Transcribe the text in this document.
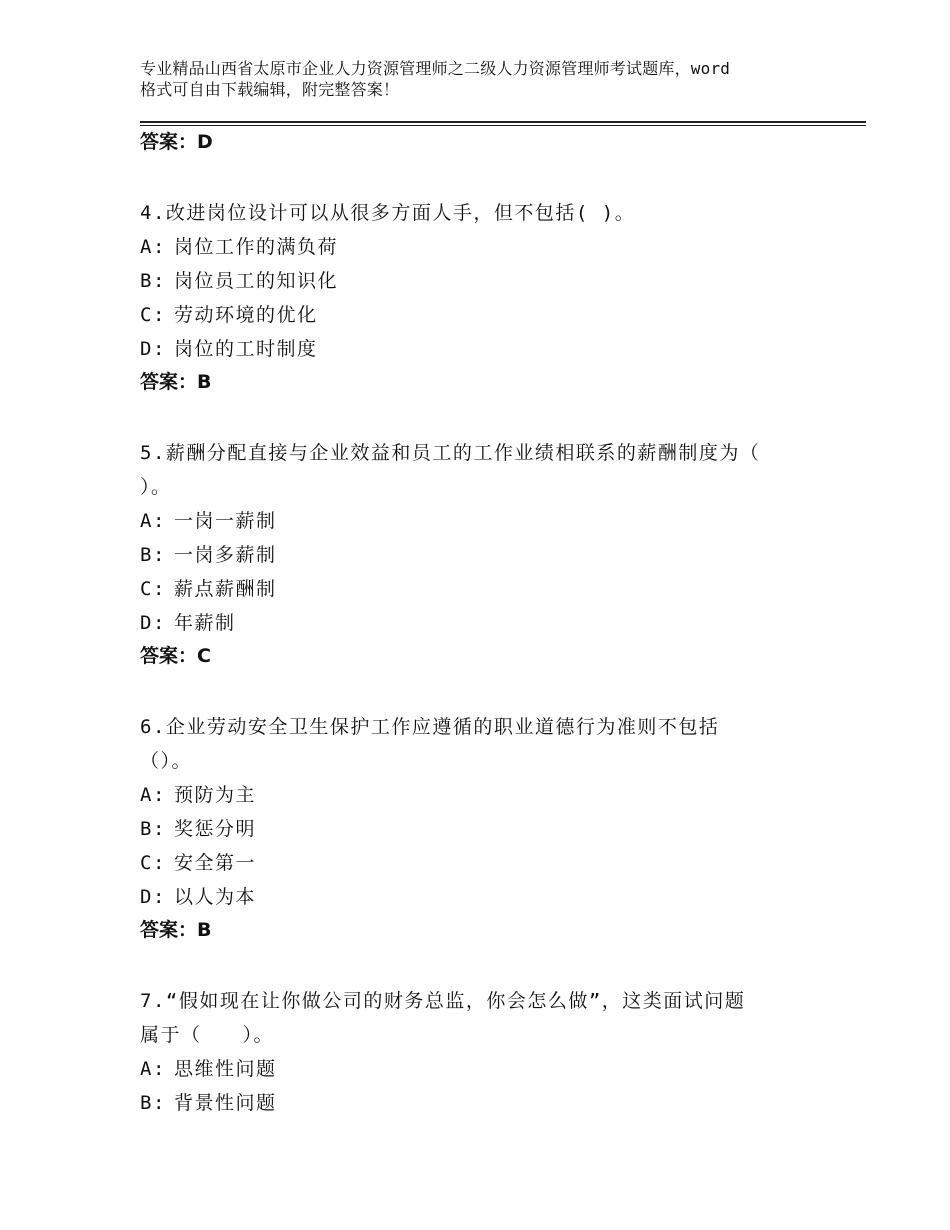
专业精品山西省太原市企业人力资源管理师之二级人力资源管理师考试题库，word
格式可自由下载编辑，附完整答案！
答案：D
4.改进岗位设计可以从很多方面人手，但不包括( )。
A: 岗位工作的满负荷
B: 岗位员工的知识化
C: 劳动环境的优化
D: 岗位的工时制度
答案：B
5.薪酬分配直接与企业效益和员工的工作业绩相联系的薪酬制度为（
）。
A: 一岗一薪制
B: 一岗多薪制
C: 薪点薪酬制
D: 年薪制
答案：C
6.企业劳动安全卫生保护工作应遵循的职业道德行为准则不包括
（）。
A: 预防为主
B: 奖惩分明
C: 安全第一
D: 以人为本
答案：B
7.“假如现在让你做公司的财务总监，你会怎么做”，这类面试问题
属于（　　）。
A: 思维性问题
B: 背景性问题
